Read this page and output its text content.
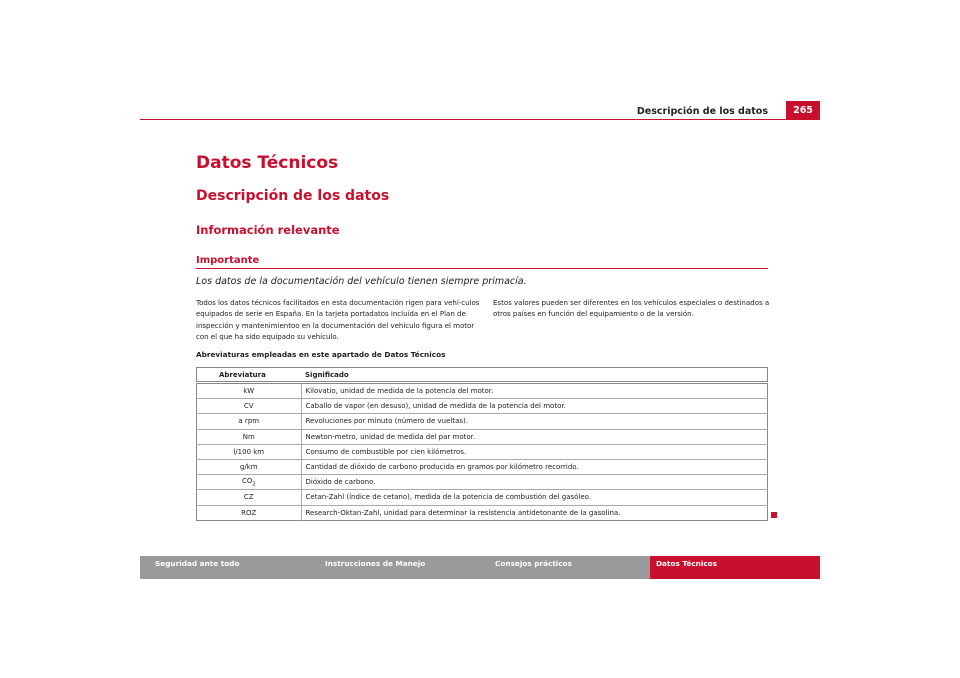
Descripción de los datos	265
Datos Técnicos
Descripción de los datos
Información relevante
Importante
Los datos de la documentación del vehículo tienen siempre primacía.
Todos los datos técnicos facilitados en esta documentación rigen para vehí-culos equipados de serie en España. En la tarjeta portadatos incluida en el Plan de inspección y mantenimientoo en la documentación del vehículo figura el motor con el que ha sido equipado su vehículo.
Estos valores pueden ser diferentes en los vehículos especiales o destinados a otros países en función del equipamiento o de la versión.
Abreviaturas empleadas en este apartado de Datos Técnicos
Abreviatura	Significado
kW	Kilovatio, unidad de medida de la potencia del motor.
CV	Caballo de vapor (en desuso), unidad de medida de la potencia del motor.
a rpm	Revoluciones por minuto (número de vueltas).
Nm	Newton-metro, unidad de medida del par motor.
l/100 km	Consumo de combustible por cien kilómetros.
g/km	Cantidad de dióxido de carbono producida en gramos por kilómetro recorrido.
$CO_2$	Dióxido de carbono.
CZ	Cetan-Zahl (índice de cetano), medida de la potencia de combustión del gasóleo.
ROZ	Research-Oktan-Zahl, unidad para determinar la resistencia antidetonante de la gasolina.
Seguridad ante todo	Instrucciones de Manejo	Consejos prácticos	Datos Técnicos
